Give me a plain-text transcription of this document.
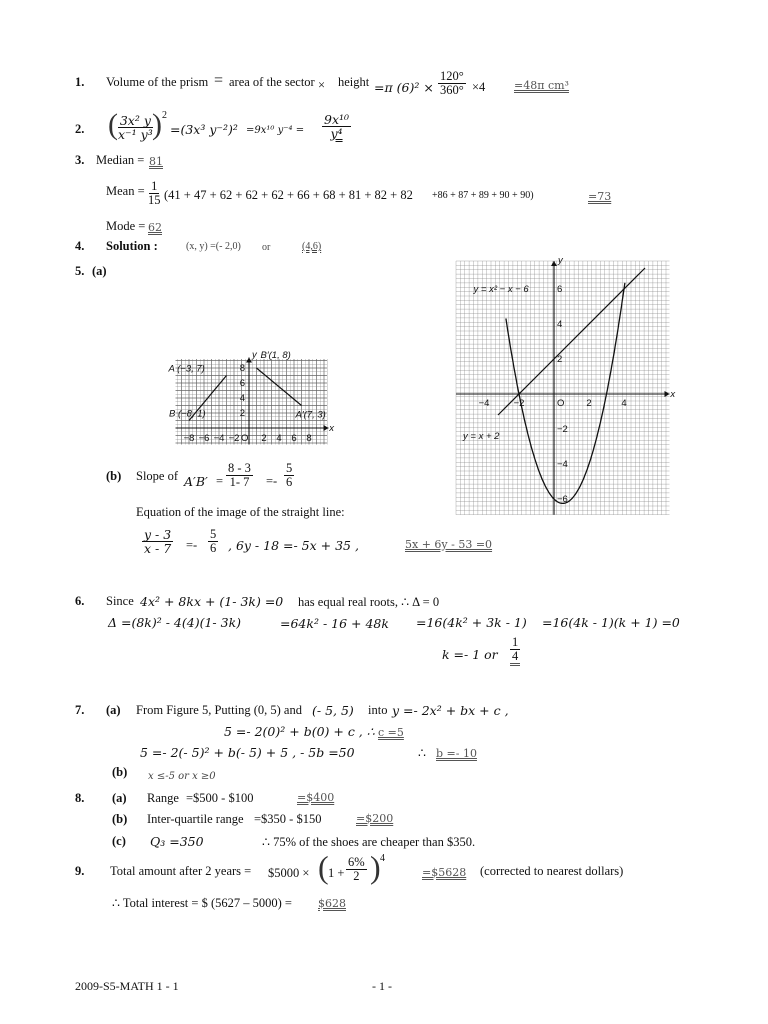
1. Volume of the prism = area of the sector × height =π $(6)^2 \times \frac{120^\circ}{360^\circ} \times 4$	=48π cm³
2. (
$\frac{\text{3x² y}}{\text{x⁻¹ y³}}$
) 2
=(3x³ y⁻²)² =9x¹⁰ $y^{-4} = \frac{\text{9x¹⁰}}{\text{y⁴}}$
3. Median = 81
Mean = $\frac{1}{15} (41 + 47 + 62 + 62 + 62 + 66 + 68 + 81 + 82 + 82 +86 + 87 + 89 + 90 + 90)$	=73
Mode = 62
4. Solution :	(x, y) =(- 2,0) or	(4,6)
5. (a)
−8 −6 −4 −2 2 4 6 8
2
4
6
8
O
x
y
A (−3, 7)
B′(1, 8)
B (−8, 1)	A′(7, 3)
−4	−2	2	4
6
4
2
−2
−4
−6
O
x
y
y = x² − x − 6
y = x + 2
(b) Slope of $A'B' = \frac{8 - 3}{1- 7} =- \frac{5}{6}$
Equation of the image of the straight line:
$\frac{y - 3}{x - 7} =- \frac{5}{6}$ , 6y - 18 =- 5x + 35 ,	5x + 6y - 53 =0
6. Since 4x² + 8kx + (1- 3k) =0 has equal real roots, ∴ Δ = 0
Δ =(8k)² - 4(4)(1- 3k)	=64k² - 16 + 48k =16(4k² + 3k - 1) =16(4k - 1)(k + 1) =0
k =- 1 or $\frac{1}{4}$
7. (a) From Figure 5, Putting (0, 5) and (- 5, 5) into y =- 2x² + bx + c ,
5 =- 2(0)² + b(0) + c , ∴ c =5
5 =- 2(- 5)² + b(- 5) + 5 , - 5b =50	∴ b =- 10
(b) x ≤-5 or x ≥0
8. (a) Range =$500 - $100	=$400
(b) Inter-quartile range =$350 - $150	=$200
(c) Q₃ =350	∴ 75% of the shoes are cheaper than $350.
9. Total amount after 2 years = $5000 × ( $1 + \frac{6\%}{2}$ ) 4
=$5628 (corrected to nearest dollars)
∴ Total interest = $ (5627 – 5000) = $628
2009-S5-MATH 1 - 1	- 1 -
